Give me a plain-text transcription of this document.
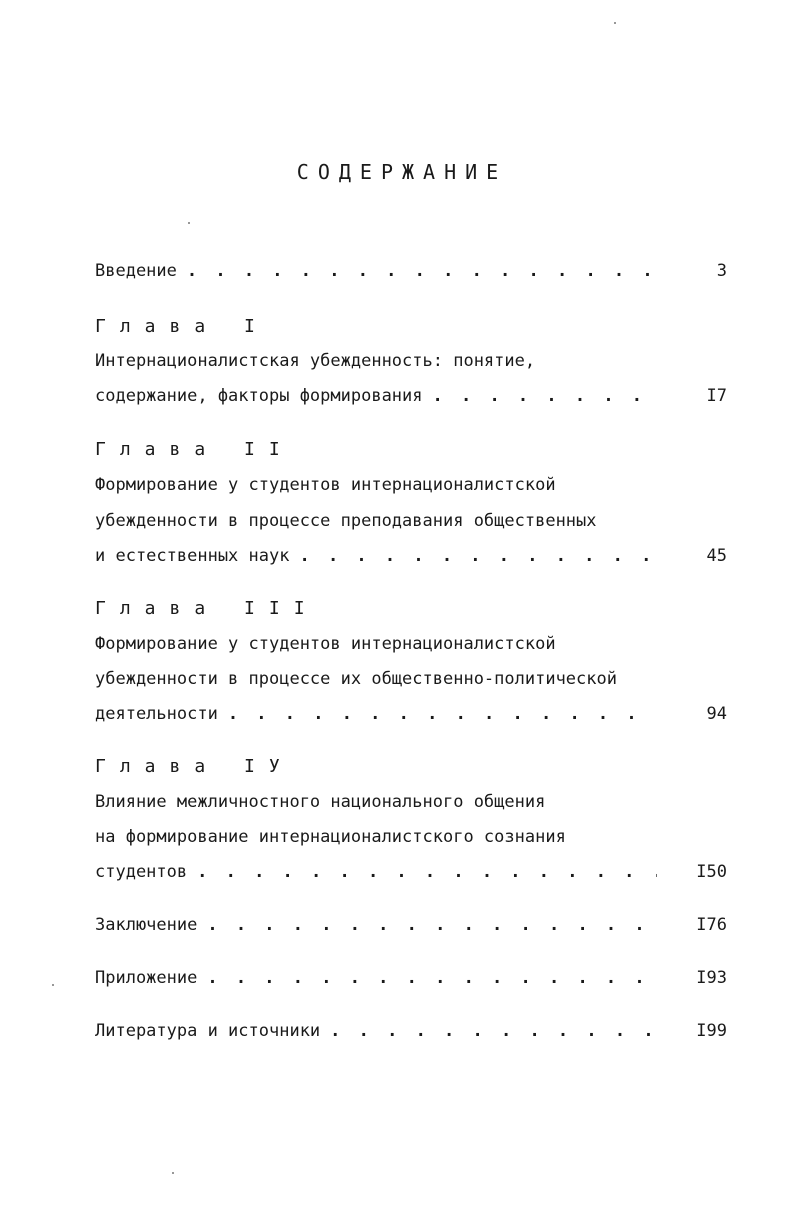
СОДЕРЖАНИЕ
Введение . . .	3
Глава I
Интернационалистская убежденность: понятие,
содержание, факторы формирования . . .	I7
Глава II
Формирование у студентов интернационалистской
убежденности в процессе преподавания общественных
и естественных наук . . .	45
Глава III
Формирование у студентов интернационалистской
убежденности в процессе их общественно-политической
деятельности . . .	94
Глава IУ
Влияние межличностного национального общения
на формирование интернационалистского сознания
студентов . . .	I50
Заключение . . .	I76
Приложение . . .	I93
Литература и источники . . .	I99
